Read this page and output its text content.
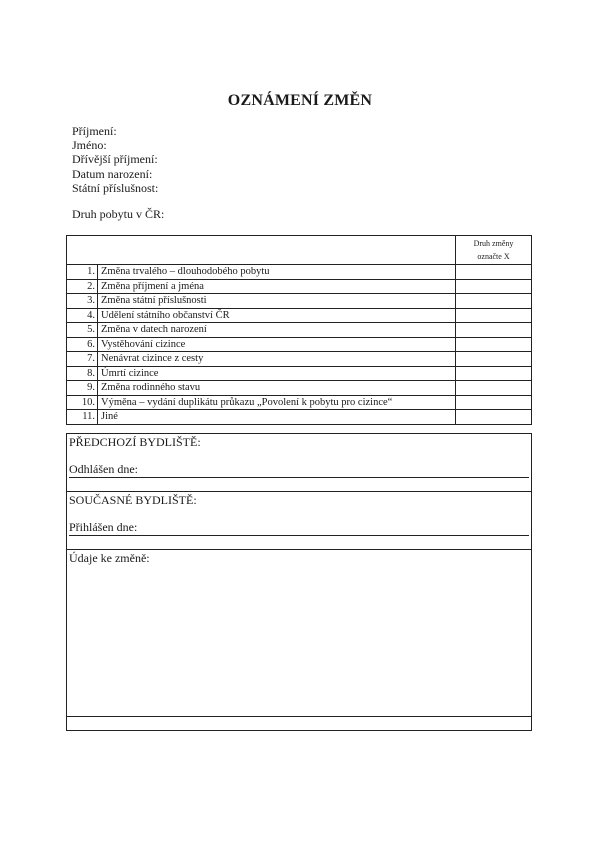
OZNÁMENÍ ZMĚN
Příjmení:
Jméno:
Dřívější příjmení:
Datum narození:
Státní příslušnost:
Druh pobytu v ČR:

		Druh změny
označte X

1.	Změna trvalého – dlouhodobého pobytu	
2.	Změna příjmení a jména	
3.	Změna státní příslušnosti	
4.	Udělení státního občanství ČR	
5.	Změna v datech narození	
6.	Vystěhování cizince	
7.	Nenávrat cizince z cesty	
8.	Úmrtí cizince	
9.	Změna rodinného stavu	
10.	Výměna – vydání duplikátu průkazu „Povolení k pobytu pro cizince“	
11.	Jiné	
PŘEDCHOZÍ BYDLIŠTĚ:
Odhlášen dne:
SOUČASNÉ BYDLIŠTĚ:
Přihlášen dne:
Údaje ke změně:
